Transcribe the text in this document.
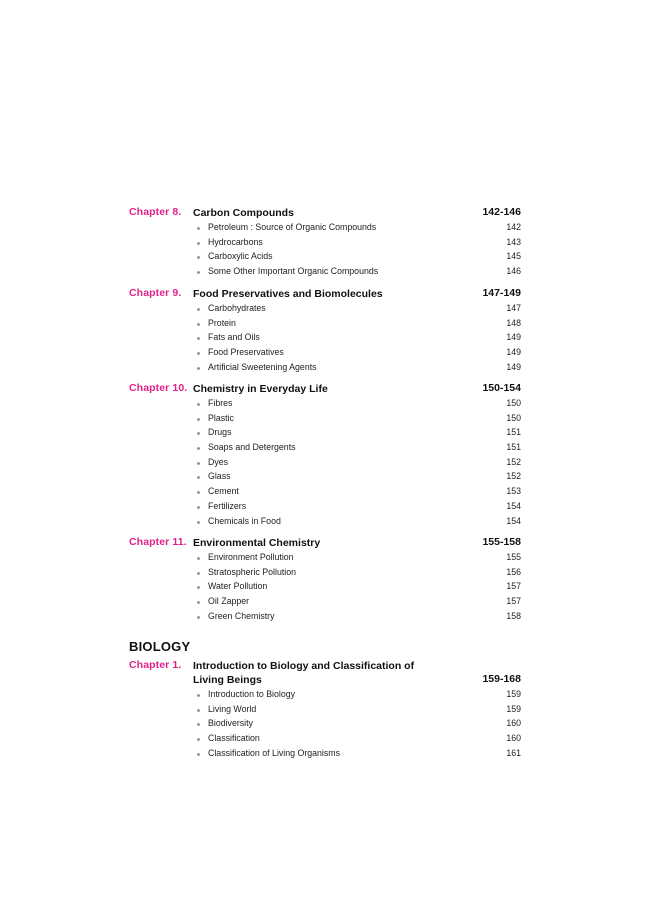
Chapter 8. Carbon Compounds	142-146
Petroleum : Source of Organic Compounds	142
Hydrocarbons	143
Carboxylic Acids	145
Some Other Important Organic Compounds	146
Chapter 9. Food Preservatives and Biomolecules	147-149
Carbohydrates	147
Protein	148
Fats and Oils	149
Food Preservatives	149
Artificial Sweetening Agents	149
Chapter 10. Chemistry in Everyday Life	150-154
Fibres	150
Plastic	150
Drugs	151
Soaps and Detergents	151
Dyes	152
Glass	152
Cement	153
Fertilizers	154
Chemicals in Food	154
Chapter 11. Environmental Chemistry	155-158
Environment Pollution	155
Stratospheric Pollution	156
Water Pollution	157
Oil Zapper	157
Green Chemistry	158
BIOLOGY
Chapter 1. Introduction to Biology and Classification of
Living Beings	159-168
Introduction to Biology	159
Living World	159
Biodiversity	160
Classification	160
Classification of Living Organisms	161
